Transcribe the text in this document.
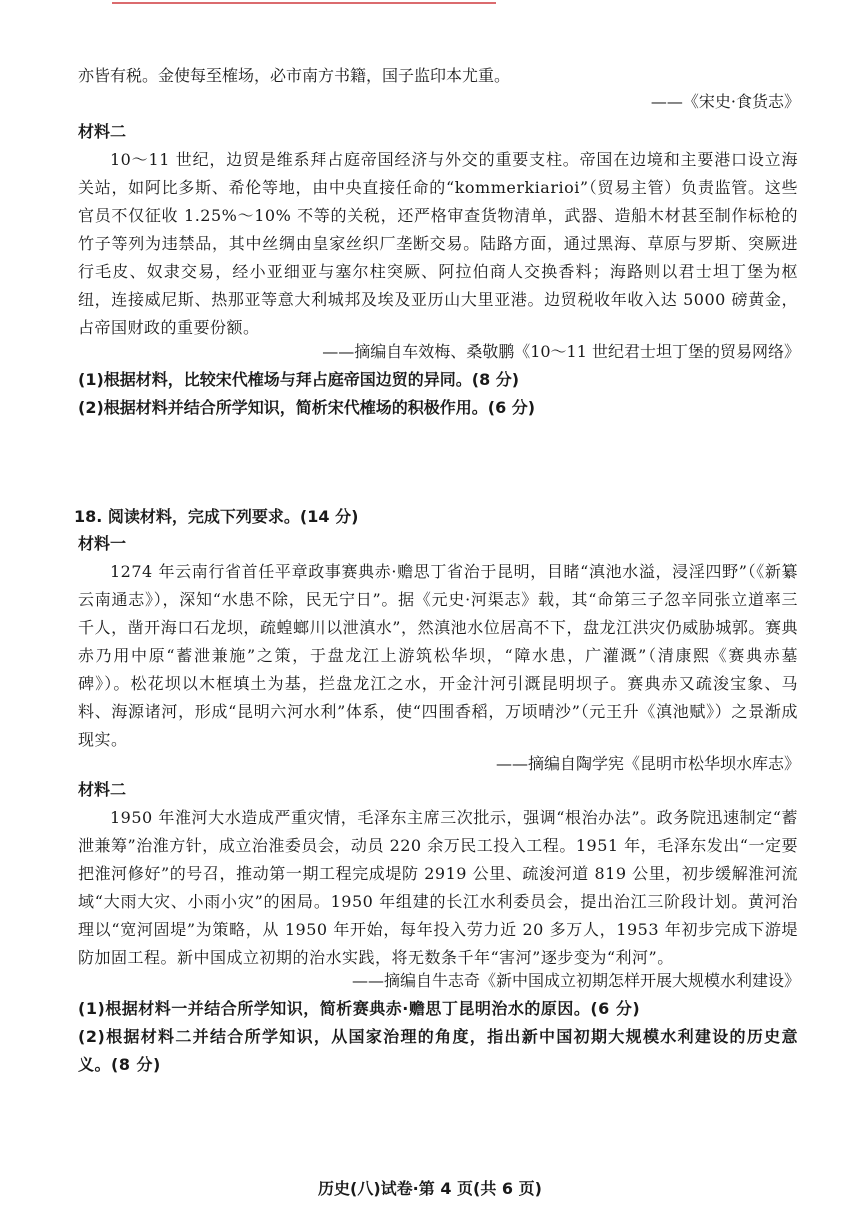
亦皆有税。金使每至榷场，必市南方书籍，国子监印本尤重。
——《宋史·食货志》
材料二
10～11 世纪，边贸是维系拜占庭帝国经济与外交的重要支柱。帝国在边境和主要港口设立海关站，如阿比多斯、希伦等地，由中央直接任命的“kommerkiarioi”（贸易主管）负责监管。这些官员不仅征收 1.25%～10% 不等的关税，还严格审查货物清单，武器、造船木材甚至制作标枪的竹子等列为违禁品，其中丝绸由皇家丝织厂垄断交易。陆路方面，通过黑海、草原与罗斯、突厥进行毛皮、奴隶交易，经小亚细亚与塞尔柱突厥、阿拉伯商人交换香料；海路则以君士坦丁堡为枢纽，连接威尼斯、热那亚等意大利城邦及埃及亚历山大里亚港。边贸税收年收入达 5000 磅黄金，占帝国财政的重要份额。
——摘编自车效梅、桑敬鹏《10～11 世纪君士坦丁堡的贸易网络》
(1)根据材料，比较宋代榷场与拜占庭帝国边贸的异同。(8 分)
(2)根据材料并结合所学知识，简析宋代榷场的积极作用。(6 分)
18. 阅读材料，完成下列要求。(14 分)
材料一
1274 年云南行省首任平章政事赛典赤·赡思丁省治于昆明，目睹“滇池水溢，浸淫四野”（《新纂云南通志》），深知“水患不除，民无宁日”。据《元史·河渠志》载，其“命第三子忽辛同张立道率三千人，凿开海口石龙坝，疏蝗螂川以泄滇水”，然滇池水位居高不下，盘龙江洪灾仍威胁城郭。赛典赤乃用中原“蓄泄兼施”之策，于盘龙江上游筑松华坝，“障水患，广灌溉”（清康熙《赛典赤墓碑》）。松花坝以木框填土为基，拦盘龙江之水，开金汁河引溉昆明坝子。赛典赤又疏浚宝象、马料、海源诸河，形成“昆明六河水利”体系，使“四围香稻，万顷晴沙”（元王升《滇池赋》）之景渐成现实。
——摘编自陶学宪《昆明市松华坝水库志》
材料二
1950 年淮河大水造成严重灾情，毛泽东主席三次批示，强调“根治办法”。政务院迅速制定“蓄泄兼筹”治淮方针，成立治淮委员会，动员 220 余万民工投入工程。1951 年，毛泽东发出“一定要把淮河修好”的号召，推动第一期工程完成堤防 2919 公里、疏浚河道 819 公里，初步缓解淮河流域“大雨大灾、小雨小灾”的困局。1950 年组建的长江水利委员会，提出治江三阶段计划。黄河治理以“宽河固堤”为策略，从 1950 年开始，每年投入劳力近 20 多万人，1953 年初步完成下游堤防加固工程。新中国成立初期的治水实践，将无数条千年“害河”逐步变为“利河”。
——摘编自牛志奇《新中国成立初期怎样开展大规模水利建设》
(1)根据材料一并结合所学知识，简析赛典赤·赡思丁昆明治水的原因。(6 分)
(2)根据材料二并结合所学知识，从国家治理的角度，指出新中国初期大规模水利建设的历史意义。(8 分)
历史(八)试卷·第 4 页(共 6 页)
